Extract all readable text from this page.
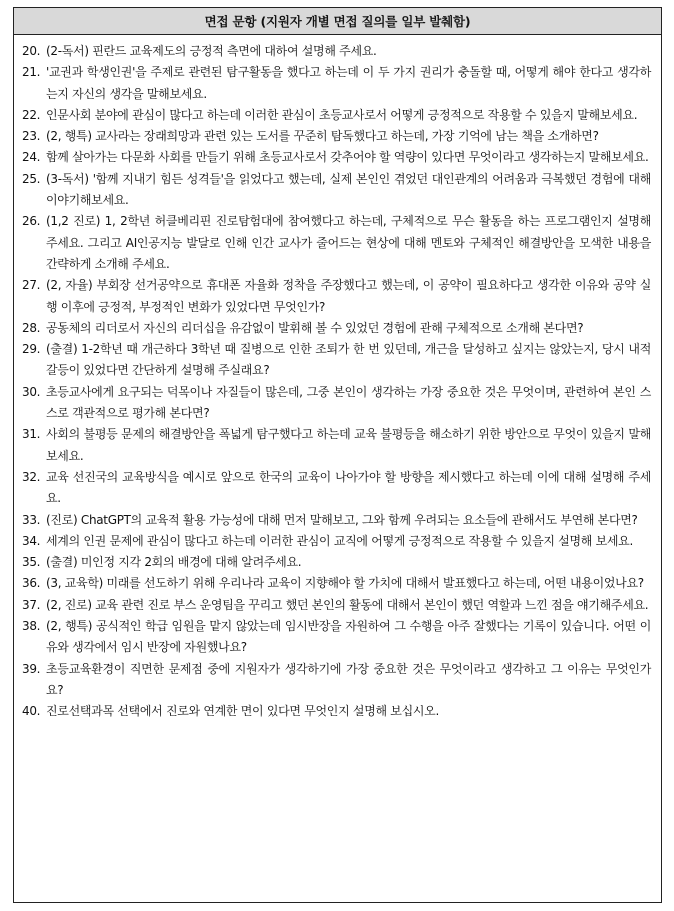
면접 문항 (지원자 개별 면접 질의를 일부 발췌함)
20. (2-독서) 핀란드 교육제도의 긍정적 측면에 대하여 설명해 주세요.
21. '교권과 학생인권'을 주제로 관련된 탐구활동을 했다고 하는데 이 두 가지 권리가 충돌할 때, 어떻게 해야 한다고 생각하는지 자신의 생각을 말해보세요.
22. 인문사회 분야에 관심이 많다고 하는데 이러한 관심이 초등교사로서 어떻게 긍정적으로 작용할 수 있을지 말해보세요.
23. (2, 행특) 교사라는 장래희망과 관련 있는 도서를 꾸준히 탐독했다고 하는데, 가장 기억에 남는 책을 소개하면?
24. 함께 살아가는 다문화 사회를 만들기 위해 초등교사로서 갖추어야 할 역량이 있다면 무엇이라고 생각하는지 말해보세요.
25. (3-독서) '함께 지내기 힘든 성격들'을 읽었다고 했는데, 실제 본인인 겪었던 대인관계의 어려움과 극복했던 경험에 대해 이야기해보세요.
26. (1,2 진로) 1, 2학년 허클베리핀 진로탐험대에 참여했다고 하는데, 구체적으로 무슨 활동을 하는 프로그램인지 설명해 주세요. 그리고 AI인공지능 발달로 인해 인간 교사가 줄어드는 현상에 대해 멘토와 구체적인 해결방안을 모색한 내용을 간략하게 소개해 주세요.
27. (2, 자율) 부회장 선거공약으로 휴대폰 자율화 정착을 주장했다고 했는데, 이 공약이 필요하다고 생각한 이유와 공약 실행 이후에 긍정적, 부정적인 변화가 있었다면 무엇인가?
28. 공동체의 리더로서 자신의 리더십을 유감없이 발휘해 볼 수 있었던 경험에 관해 구체적으로 소개해 본다면?
29. (출결) 1-2학년 때 개근하다 3학년 때 질병으로 인한 조퇴가 한 번 있던데, 개근을 달성하고 싶지는 않았는지, 당시 내적갈등이 있었다면 간단하게 설명해 주실래요?
30. 초등교사에게 요구되는 덕목이나 자질들이 많은데, 그중 본인이 생각하는 가장 중요한 것은 무엇이며, 관련하여 본인 스스로 객관적으로 평가해 본다면?
31. 사회의 불평등 문제의 해결방안을 폭넓게 탐구했다고 하는데 교육 불평등을 해소하기 위한 방안으로 무엇이 있을지 말해보세요.
32. 교육 선진국의 교육방식을 예시로 앞으로 한국의 교육이 나아가야 할 방향을 제시했다고 하는데 이에 대해 설명해 주세요.
33. (진로) ChatGPT의 교육적 활용 가능성에 대해 먼저 말해보고, 그와 함께 우려되는 요소들에 관해서도 부연해 본다면?
34. 세계의 인권 문제에 관심이 많다고 하는데 이러한 관심이 교직에 어떻게 긍정적으로 작용할 수 있을지 설명해 보세요.
35. (출결) 미인정 지각 2회의 배경에 대해 알려주세요.
36. (3, 교육학) 미래를 선도하기 위해 우리나라 교육이 지향해야 할 가치에 대해서 발표했다고 하는데, 어떤 내용이었나요?
37. (2, 진로) 교육 관련 진로 부스 운영팀을 꾸리고 했던 본인의 활동에 대해서 본인이 했던 역할과 느낀 점을 얘기해주세요.
38. (2, 행특) 공식적인 학급 임원을 맡지 않았는데 임시반장을 자원하여 그 수행을 아주 잘했다는 기록이 있습니다. 어떤 이유와 생각에서 임시 반장에 자원했나요?
39. 초등교육환경이 직면한 문제점 중에 지원자가 생각하기에 가장 중요한 것은 무엇이라고 생각하고 그 이유는 무엇인가요?
40. 진로선택과목 선택에서 진로와 연계한 면이 있다면 무엇인지 설명해 보십시오.
